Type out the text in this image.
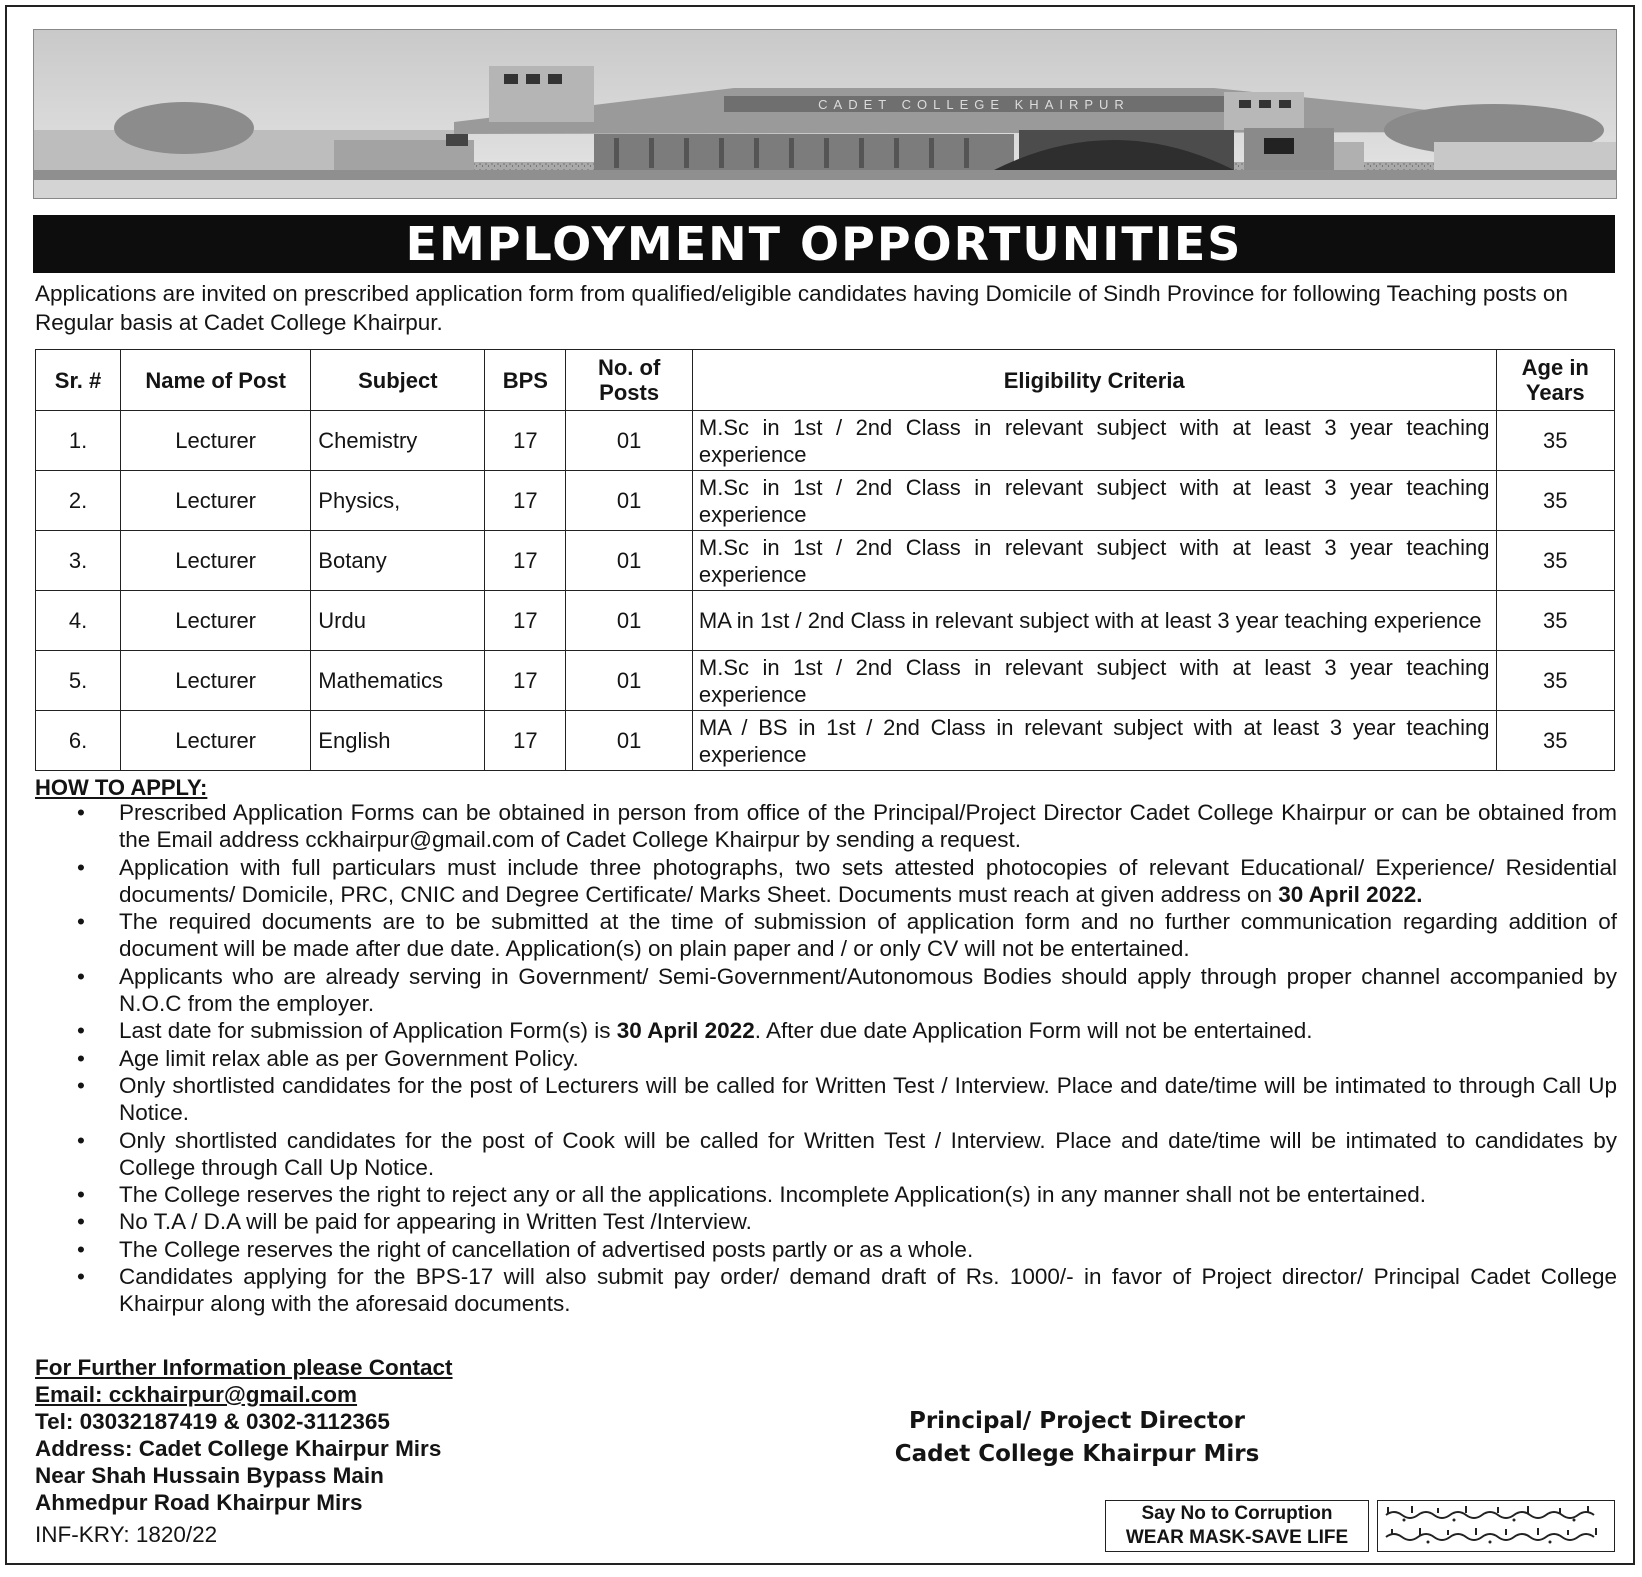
CADET COLLEGE KHAIRPUR
EMPLOYMENT OPPORTUNITIES
Applications are invited on prescribed application form from qualified/eligible candidates having Domicile of Sindh Province for following Teaching posts on Regular basis at Cadet College Khairpur.
Sr. #	Name of Post	Subject	BPS	No. of Posts	Eligibility Criteria	Age in Years
1.	Lecturer	Chemistry	17	01	M.Sc in 1st / 2nd Class in relevant subject with at least 3 year teaching experience	35
2.	Lecturer	Physics,	17	01	M.Sc in 1st / 2nd Class in relevant subject with at least 3 year teaching experience	35
3.	Lecturer	Botany	17	01	M.Sc in 1st / 2nd Class in relevant subject with at least 3 year teaching experience	35
4.	Lecturer	Urdu	17	01	MA in 1st / 2nd Class in relevant subject with at least 3 year teaching experience	35
5.	Lecturer	Mathematics	17	01	M.Sc in 1st / 2nd Class in relevant subject with at least 3 year teaching experience	35
6.	Lecturer	English	17	01	MA / BS in 1st / 2nd Class in relevant subject with at least 3 year teaching experience	35
HOW TO APPLY:
• Prescribed Application Forms can be obtained in person from office of the Principal/Project Director Cadet College Khairpur or can be obtained from the Email address cckhairpur@gmail.com of Cadet College Khairpur by sending a request.
• Application with full particulars must include three photographs, two sets attested photocopies of relevant Educational/ Experience/ Residential documents/ Domicile, PRC, CNIC and Degree Certificate/ Marks Sheet. Documents must reach at given address on 30 April 2022.
• The required documents are to be submitted at the time of submission of application form and no further communication regarding addition of document will be made after due date. Application(s) on plain paper and / or only CV will not be entertained.
• Applicants who are already serving in Government/ Semi-Government/Autonomous Bodies should apply through proper channel accompanied by N.O.C from the employer.
• Last date for submission of Application Form(s) is 30 April 2022. After due date Application Form will not be entertained.
• Age limit relax able as per Government Policy.
• Only shortlisted candidates for the post of Lecturers will be called for Written Test / Interview. Place and date/time will be intimated to through Call Up Notice.
• Only shortlisted candidates for the post of Cook will be called for Written Test / Interview. Place and date/time will be intimated to candidates by College through Call Up Notice.
• The College reserves the right to reject any or all the applications. Incomplete Application(s) in any manner shall not be entertained.
• No T.A / D.A will be paid for appearing in Written Test /Interview.
• The College reserves the right of cancellation of advertised posts partly or as a whole.
• Candidates applying for the BPS-17 will also submit pay order/ demand draft of Rs. 1000/- in favor of Project director/ Principal Cadet College Khairpur along with the aforesaid documents.
For Further Information please Contact
Email: cckhairpur@gmail.com
Tel: 03032187419 & 0302-3112365
Address: Cadet College Khairpur Mirs
Near Shah Hussain Bypass Main
Ahmedpur Road Khairpur Mirs
INF-KRY: 1820/22
Principal/ Project Director
Cadet College Khairpur Mirs
Say No to Corruption
WEAR MASK-SAVE LIFE
